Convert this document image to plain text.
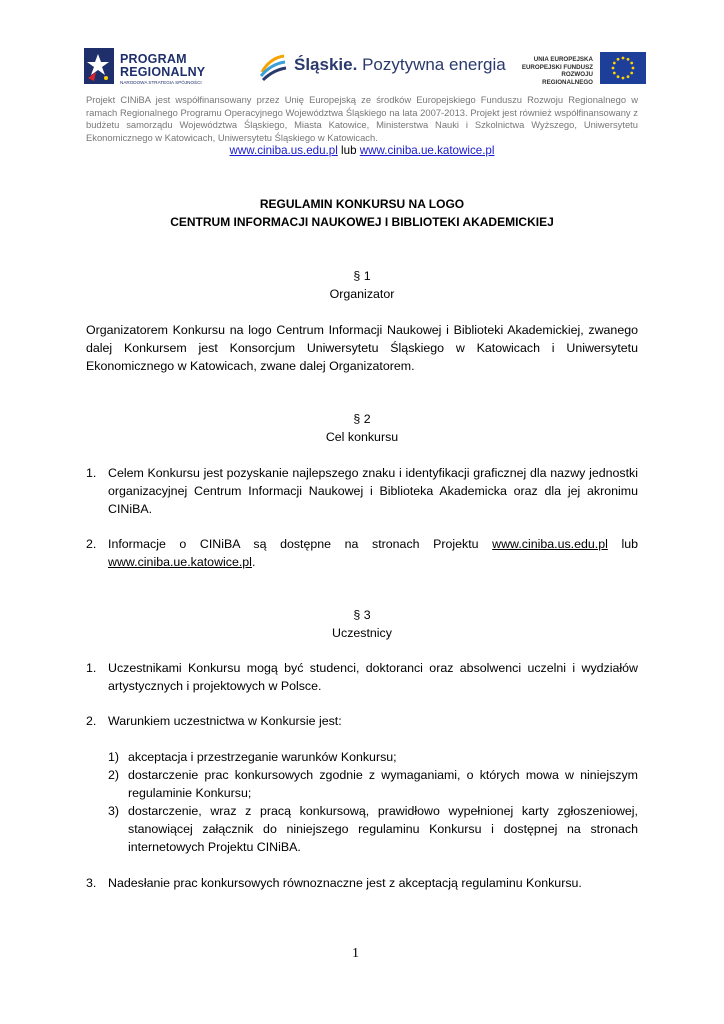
PROGRAM
REGIONALNY
NARODOWA STRATEGIA SPÓJNOŚCI
Śląskie. Pozytywna energia	UNIA EUROPEJSKA
EUROPEJSKI FUNDUSZ
ROZWOJU REGIONALNEGO
Projekt CINiBA jest współfinansowany przez Unię Europejską ze środków Europejskiego Funduszu Rozwoju Regionalnego w ramach Regionalnego Programu Operacyjnego Województwa Śląskiego na lata 2007-2013. Projekt jest również współfinansowany z budżetu samorządu Województwa Śląskiego, Miasta Katowice, Ministerstwa Nauki i Szkolnictwa Wyższego, Uniwersytetu Ekonomicznego w Katowicach, Uniwersytetu Śląskiego w Katowicach.
www.ciniba.us.edu.pl lub www.ciniba.ue.katowice.pl
REGULAMIN KONKURSU NA LOGO
CENTRUM INFORMACJI NAUKOWEJ I BIBLIOTEKI AKADEMICKIEJ
§ 1
Organizator
Organizatorem Konkursu na logo Centrum Informacji Naukowej i Biblioteki Akademickiej, zwanego dalej Konkursem jest Konsorcjum Uniwersytetu Śląskiego w Katowicach i Uniwersytetu Ekonomicznego w Katowicach, zwane dalej Organizatorem.
§ 2
Cel konkursu
1. Celem Konkursu jest pozyskanie najlepszego znaku i identyfikacji graficznej dla nazwy jednostki organizacyjnej Centrum Informacji Naukowej i Biblioteka Akademicka oraz dla jej akronimu CINiBA.
2. Informacje o CINiBA są dostępne na stronach Projektu www.ciniba.us.edu.pl lub www.ciniba.ue.katowice.pl.
§ 3
Uczestnicy
1. Uczestnikami Konkursu mogą być studenci, doktoranci oraz absolwenci uczelni i wydziałów artystycznych i projektowych w Polsce.
2. Warunkiem uczestnictwa w Konkursie jest:
1) akceptacja i przestrzeganie warunków Konkursu;
2) dostarczenie prac konkursowych zgodnie z wymaganiami, o których mowa w niniejszym regulaminie Konkursu;
3) dostarczenie, wraz z pracą konkursową, prawidłowo wypełnionej karty zgłoszeniowej, stanowiącej załącznik do niniejszego regulaminu Konkursu i dostępnej na stronach internetowych Projektu CINiBA.
3. Nadesłanie prac konkursowych równoznaczne jest z akceptacją regulaminu Konkursu.
1
